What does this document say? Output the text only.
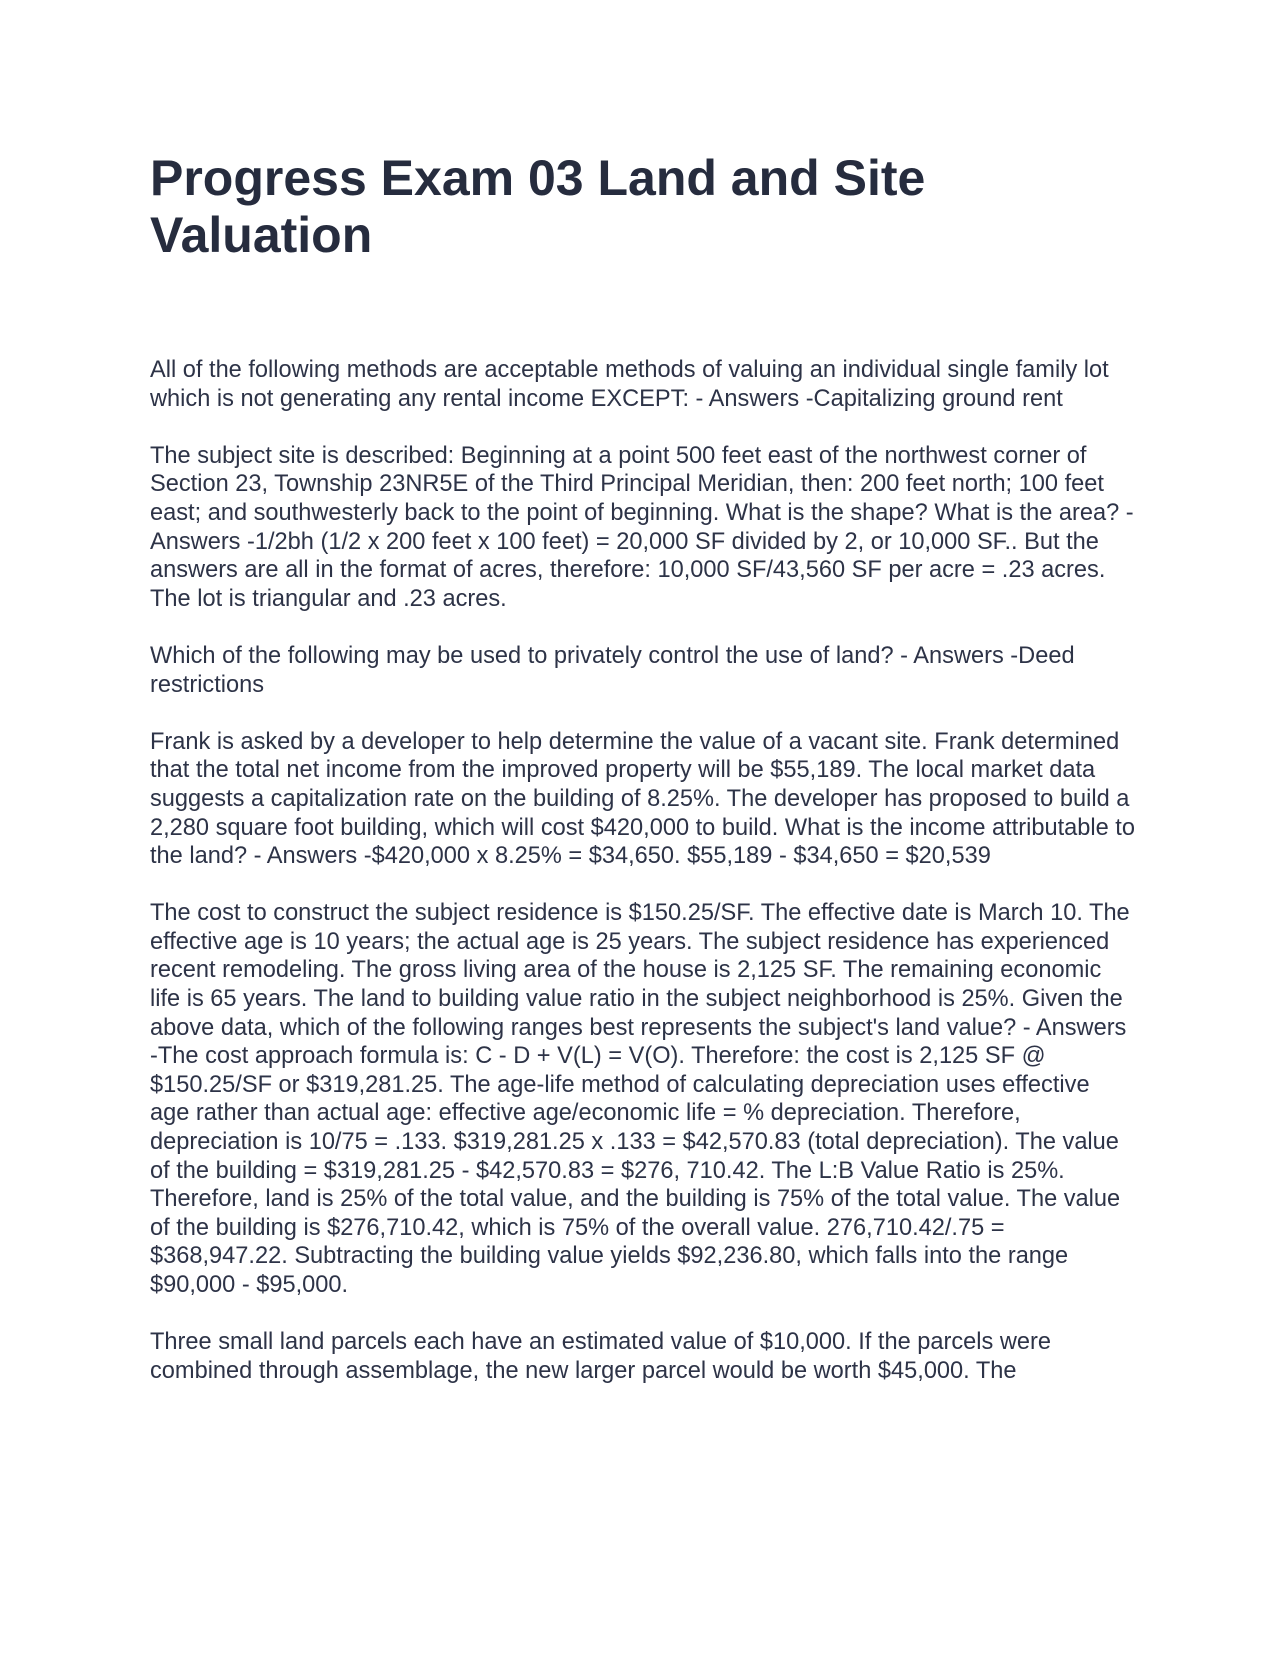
Progress Exam 03 Land and Site Valuation

All of the following methods are acceptable methods of valuing an individual single family lot which is not generating any rental income EXCEPT: - Answers -Capitalizing ground rent

The subject site is described: Beginning at a point 500 feet east of the northwest corner of Section 23, Township 23NR5E of the Third Principal Meridian, then: 200 feet north; 100 feet east; and southwesterly back to the point of beginning. What is the shape? What is the area? - Answers -1/2bh (1/2 x 200 feet x 100 feet) = 20,000 SF divided by 2, or 10,000 SF.. But the answers are all in the format of acres, therefore: 10,000 SF/43,560 SF per acre = .23 acres. The lot is triangular and .23 acres.

Which of the following may be used to privately control the use of land? - Answers -Deed restrictions

Frank is asked by a developer to help determine the value of a vacant site. Frank determined that the total net income from the improved property will be $55,189. The local market data suggests a capitalization rate on the building of 8.25%. The developer has proposed to build a 2,280 square foot building, which will cost $420,000 to build. What is the income attributable to the land? - Answers -$420,000 x 8.25% = $34,650. $55,189 - $34,650 = $20,539

The cost to construct the subject residence is $150.25/SF. The effective date is March 10. The effective age is 10 years; the actual age is 25 years. The subject residence has experienced recent remodeling. The gross living area of the house is 2,125 SF. The remaining economic life is 65 years. The land to building value ratio in the subject neighborhood is 25%. Given the above data, which of the following ranges best represents the subject's land value? - Answers -The cost approach formula is: C - D + V(L) = V(O). Therefore: the cost is 2,125 SF @ $150.25/SF or $319,281.25. The age-life method of calculating depreciation uses effective age rather than actual age: effective age/economic life = % depreciation. Therefore, depreciation is 10/75 = .133. $319,281.25 x .133 = $42,570.83 (total depreciation). The value of the building = $319,281.25 - $42,570.83 = $276, 710.42. The L:B Value Ratio is 25%. Therefore, land is 25% of the total value, and the building is 75% of the total value. The value of the building is $276,710.42, which is 75% of the overall value. 276,710.42/.75 = $368,947.22. Subtracting the building value yields $92,236.80, which falls into the range $90,000 - $95,000.

Three small land parcels each have an estimated value of $10,000. If the parcels were combined through assemblage, the new larger parcel would be worth $45,000. The
